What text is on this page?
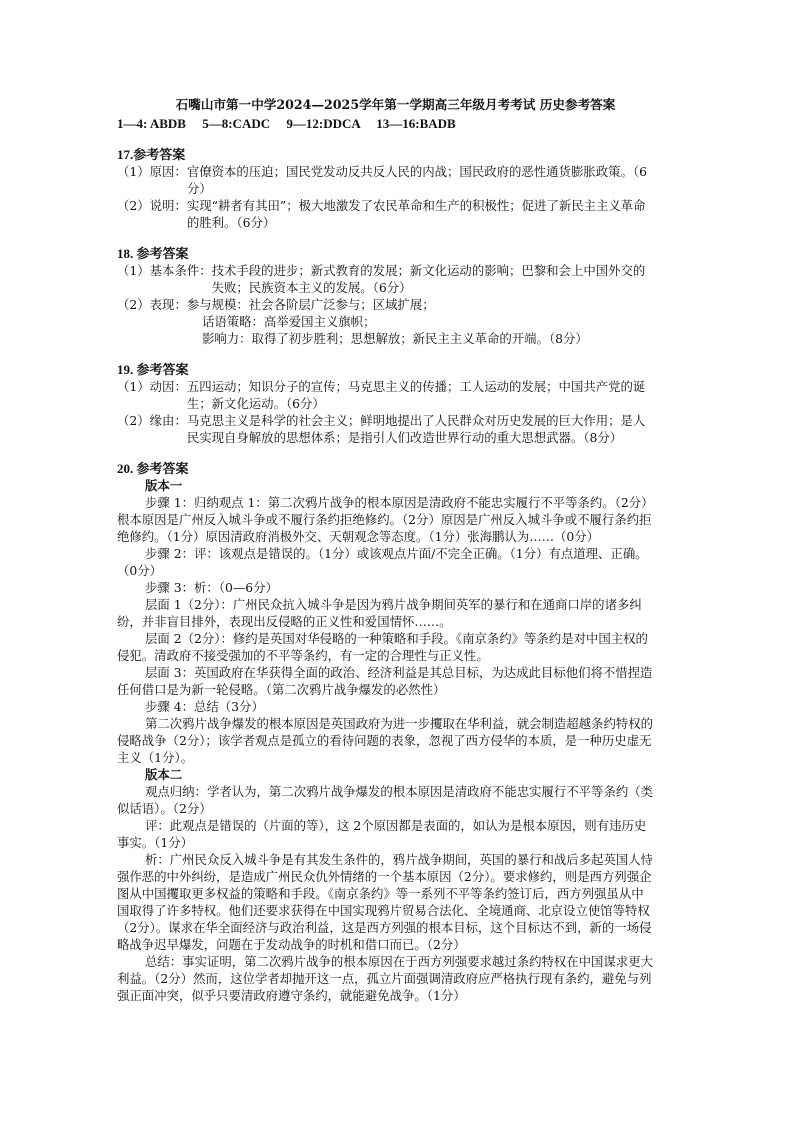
石嘴山市第一中学2024—2025学年第一学期高三年级月考考试 历史参考答案
1—4: ABDB     5—8:CADC     9—12:DDCA     13—16:BADB
17.参考答案
（1）原因： 官僚资本的压迫；国民党发动反共反人民的内战；国民政府的恶性通货膨胀政策。（6分）
（2）说明： 实现“耕者有其田”；极大地激发了农民革命和生产的积极性；促进了新民主主义革命的胜利。（6分）
18. 参考答案
（1）基本条件： 技术手段的进步；新式教育的发展；新文化运动的影响；巴黎和会上中国外交的失败；民族资本主义的发展。（6分）
（2）表现： 参与规模：社会各阶层广泛参与；区域扩展；
话语策略：高举爱国主义旗帜；
影响力：取得了初步胜利；思想解放；新民主主义革命的开端。（8分）
19. 参考答案
（1）动因： 五四运动；知识分子的宣传；马克思主义的传播；工人运动的发展；中国共产党的诞生；新文化运动。（6分）
（2）缘由： 马克思主义是科学的社会主义；鲜明地提出了人民群众对历史发展的巨大作用；是人民实现自身解放的思想体系；是指引人们改造世界行动的重大思想武器。（8分）
20. 参考答案
版本一

步骤 1：归纳观点 1：第二次鸦片战争的根本原因是清政府不能忠实履行不平等条约。（2分）根本原因是广州反入城斗争或不履行条约拒绝修约。（2分）原因是广州反入城斗争或不履行条约拒绝修约。（1分）原因清政府消极外交、天朝观念等态度。（1分）张海鹏认为……（0分）

步骤 2：评：该观点是错误的。（1分）或该观点片面/不完全正确。（1分）有点道理、正确。（0分）

步骤 3：析：（0—6分）

层面 1（2分）：广州民众抗入城斗争是因为鸦片战争期间英军的暴行和在通商口岸的诸多纠纷，并非盲目排外，表现出反侵略的正义性和爱国情怀……。

层面 2（2分）：修约是英国对华侵略的一种策略和手段。《南京条约》等条约是对中国主权的侵犯。清政府不接受强加的不平等条约，有一定的合理性与正义性。

层面 3：英国政府在华获得全面的政治、经济利益是其总目标，为达成此目标他们将不惜捏造任何借口是为新一轮侵略。（第二次鸦片战争爆发的必然性）

步骤 4：总结（3分）

第二次鸦片战争爆发的根本原因是英国政府为进一步攫取在华利益，就会制造超越条约特权的侵略战争（2分）；该学者观点是孤立的看待问题的表象，忽视了西方侵华的本质，是一种历史虚无主义（1分）。

版本二

观点归纳：学者认为，第二次鸦片战争爆发的根本原因是清政府不能忠实履行不平等条约（类似话语）。（2分）

评：此观点是错误的（片面的等），这 2个原因都是表面的，如认为是根本原因，则有违历史事实。（1分）

析：广州民众反入城斗争是有其发生条件的，鸦片战争期间，英国的暴行和战后多起英国人恃强作恶的中外纠纷，是造成广州民众仇外情绪的一个基本原因（2分）。要求修约，则是西方列强企图从中国攫取更多权益的策略和手段。《南京条约》等一系列不平等条约签订后，西方列强虽从中国取得了许多特权。他们还要求获得在中国实现鸦片贸易合法化、全境通商、北京设立使馆等特权（2分）。谋求在华全面经济与政治利益，这是西方列强的根本目标，这个目标达不到，新的一场侵略战争迟早爆发，问题在于发动战争的时机和借口而已。（2分）

总结：事实证明，第二次鸦片战争的根本原因在于西方列强要求越过条约特权在中国谋求更大利益。（2分）然而，这位学者却抛开这一点，孤立片面强调清政府应严格执行现有条约，避免与列强正面冲突，似乎只要清政府遵守条约，就能避免战争。（1分）
